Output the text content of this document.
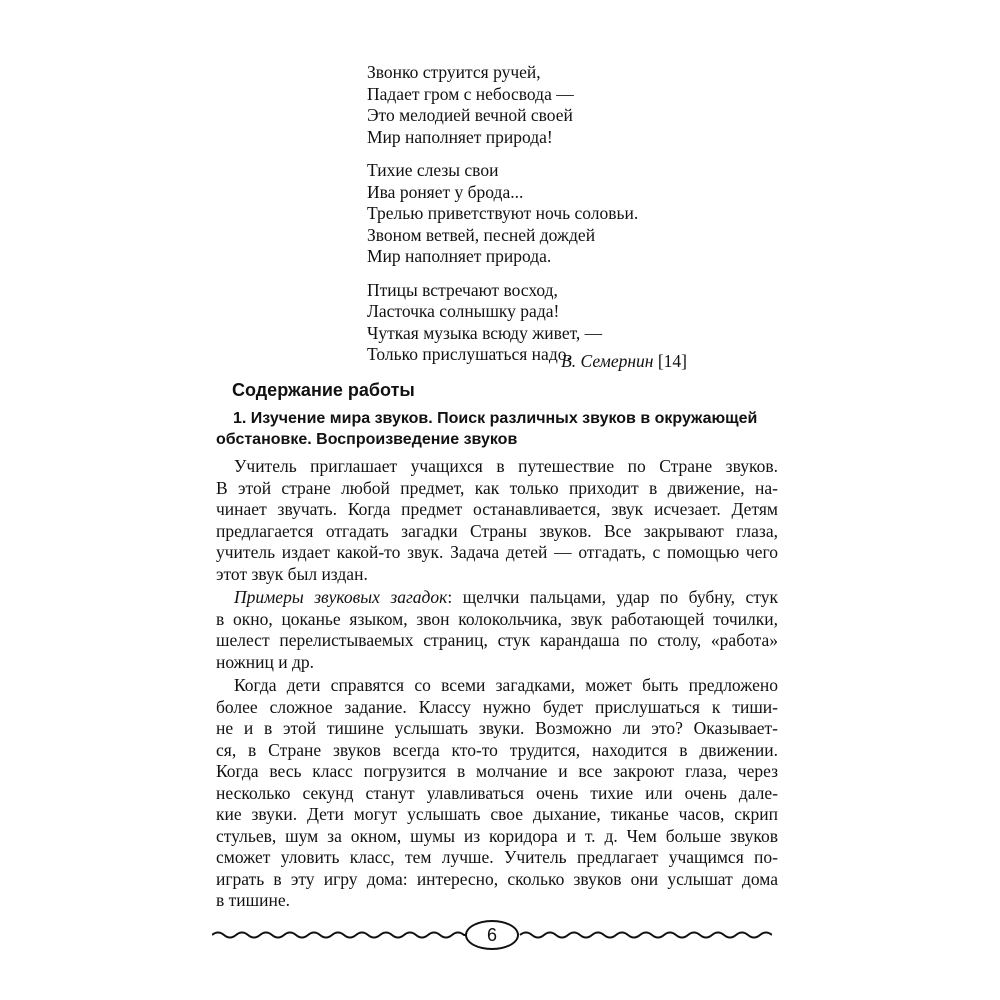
Звонко струится ручей,
Падает гром с небосвода —
Это мелодией вечной своей
Мир наполняет природа!
Тихие слезы свои
Ива роняет у брода...
Трелью приветствуют ночь соловьи.
Звоном ветвей, песней дождей
Мир наполняет природа.
Птицы встречают восход,
Ласточка солнышку рада!
Чуткая музыка всюду живет, —
Только прислушаться надо.
В. Семернин [14]
Содержание работы
1. Изучение мира звуков. Поиск различных звуков в окружающей
обстановке. Воспроизведение звуков
Учитель приглашает учащихся в путешествие по Стране звуков.
В этой стране любой предмет, как только приходит в движение, на-
чинает звучать. Когда предмет останавливается, звук исчезает. Детям
предлагается отгадать загадки Страны звуков. Все закрывают глаза,
учитель издает какой-то звук. Задача детей — отгадать, с помощью чего
этот звук был издан.
Примеры звуковых загадок: щелчки пальцами, удар по бубну, стук
в окно, цоканье языком, звон колокольчика, звук работающей точилки,
шелест перелистываемых страниц, стук карандаша по столу, «работа»
ножниц и др.
Когда дети справятся со всеми загадками, может быть предложено
более сложное задание. Классу нужно будет прислушаться к тиши-
не и в этой тишине услышать звуки. Возможно ли это? Оказывает-
ся, в Стране звуков всегда кто-то трудится, находится в движении.
Когда весь класс погрузится в молчание и все закроют глаза, через
несколько секунд станут улавливаться очень тихие или очень дале-
кие звуки. Дети могут услышать свое дыхание, тиканье часов, скрип
стульев, шум за окном, шумы из коридора и т. д. Чем больше звуков
сможет уловить класс, тем лучше. Учитель предлагает учащимся по-
играть в эту игру дома: интересно, сколько звуков они услышат дома
в тишине.
6
